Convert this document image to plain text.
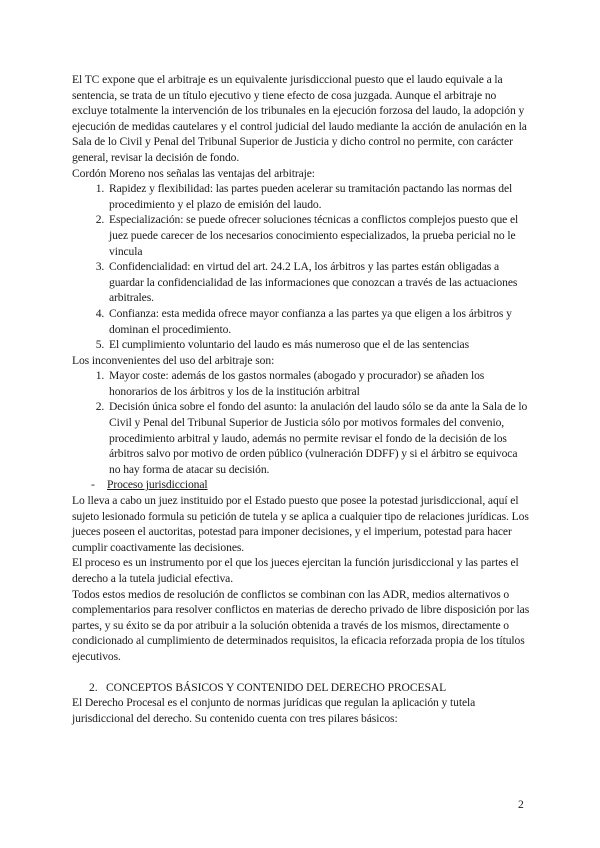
El TC expone que el arbitraje es un equivalente jurisdiccional puesto que el laudo equivale a la sentencia, se trata de un título ejecutivo y tiene efecto de cosa juzgada. Aunque el arbitraje no excluye totalmente la intervención de los tribunales en la ejecución forzosa del laudo, la adopción y ejecución de medidas cautelares y el control judicial del laudo mediante la acción de anulación en la Sala de lo Civil y Penal del Tribunal Superior de Justicia y dicho control no permite, con carácter general, revisar la decisión de fondo.

Cordón Moreno nos señalas las ventajas del arbitraje:

1. Rapidez y flexibilidad: las partes pueden acelerar su tramitación pactando las normas del procedimiento y el plazo de emisión del laudo.
2. Especialización: se puede ofrecer soluciones técnicas a conflictos complejos puesto que el juez puede carecer de los necesarios conocimiento especializados, la prueba pericial no le vincula
3. Confidencialidad: en virtud del art. 24.2 LA, los árbitros y las partes están obligadas a guardar la confidencialidad de las informaciones que conozcan a través de las actuaciones arbitrales.
4. Confianza: esta medida ofrece mayor confianza a las partes ya que eligen a los árbitros y dominan el procedimiento.
5. El cumplimiento voluntario del laudo es más numeroso que el de las sentencias

Los inconvenientes del uso del arbitraje son:

1. Mayor coste: además de los gastos normales (abogado y procurador) se añaden los honorarios de los árbitros y los de la institución arbitral
2. Decisión única sobre el fondo del asunto: la anulación del laudo sólo se da ante la Sala de lo Civil y Penal del Tribunal Superior de Justicia sólo por motivos formales del convenio, procedimiento arbitral y laudo, además no permite revisar el fondo de la decisión de los árbitros salvo por motivo de orden público (vulneración DDFF) y si el árbitro se equivoca no hay forma de atacar su decisión.
- Proceso jurisdiccional

Lo lleva a cabo un juez instituido por el Estado puesto que posee la potestad jurisdiccional, aquí el sujeto lesionado formula su petición de tutela y se aplica a cualquier tipo de relaciones jurídicas. Los jueces poseen el auctoritas, potestad para imponer decisiones, y el imperium, potestad para hacer cumplir coactivamente las decisiones.

El proceso es un instrumento por el que los jueces ejercitan la función jurisdiccional y las partes el derecho a la tutela judicial efectiva.

Todos estos medios de resolución de conflictos se combinan con las ADR, medios alternativos o complementarios para resolver conflictos en materias de derecho privado de libre disposición por las partes, y su éxito se da por atribuir a la solución obtenida a través de los mismos, directamente o condicionado al cumplimiento de determinados requisitos, la eficacia reforzada propia de los títulos ejecutivos.

2. CONCEPTOS BÁSICOS Y CONTENIDO DEL DERECHO PROCESAL

El Derecho Procesal es el conjunto de normas jurídicas que regulan la aplicación y tutela jurisdiccional del derecho. Su contenido cuenta con tres pilares básicos:

2
